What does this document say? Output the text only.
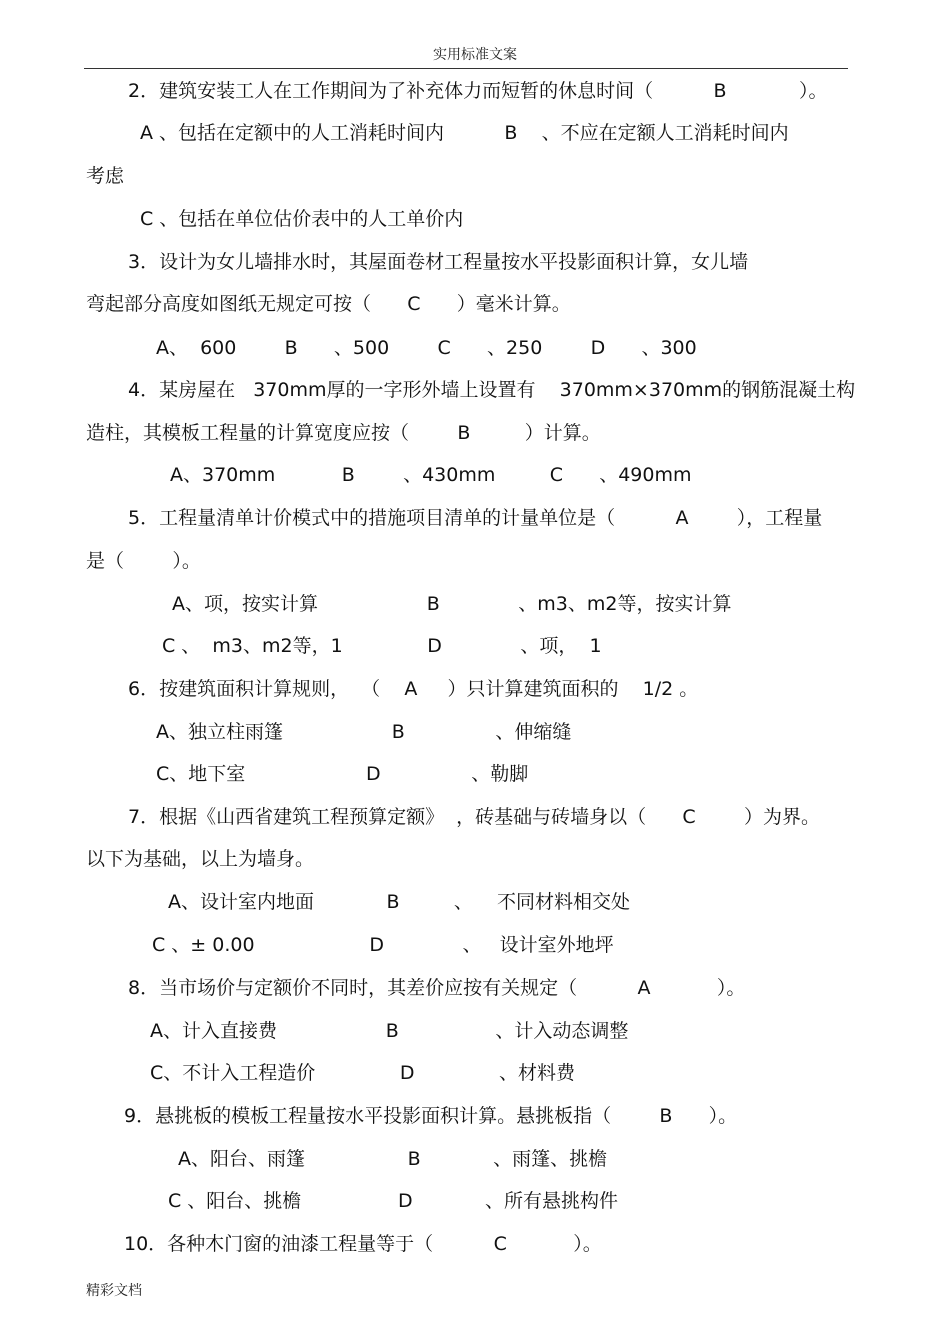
实用标准文案
2．建筑安装工人在工作期间为了补充体力而短暂的休息时间（          B            ）。
A 、包括在定额中的人工消耗时间内          B    、不应在定额人工消耗时间内
考虑
C 、包括在单位估价表中的人工单价内
3．设计为女儿墙排水时，其屋面卷材工程量按水平投影面积计算，女儿墙
弯起部分高度如图纸无规定可按（      C      ）毫米计算。
A、  600        B      、500        C      、250        D      、300
4．某房屋在   370mm厚的一字形外墙上设置有    370mm×370mm的钢筋混凝土构
造柱，其模板工程量的计算宽度应按（        B         ）计算。
A、370mm           B        、430mm         C      、490mm
5．工程量清单计价模式中的措施项目清单的计量单位是（          A        ），工程量
是（        ）。
A、项，按实计算                  B             、m3、m2等，按实计算
C 、  m3、m2等，1              D             、项，  1
6．按建筑面积计算规则，  （    A     ）只计算建筑面积的    1/2 。
A、独立柱雨篷                  B               、伸缩缝
C、地下室                    D               、勒脚
7．根据《山西省建筑工程预算定额》  ，砖基础与砖墙身以（      C        ）为界。
以下为基础，以上为墙身。
A、设计室内地面            B         、    不同材料相交处
C 、± 0.00                   D             、   设计室外地坪
8．当市场价与定额价不同时，其差价应按有关规定（          A           ）。
A、计入直接费                  B                、计入动态调整
C、不计入工程造价              D              、材料费
9．悬挑板的模板工程量按水平投影面积计算。悬挑板指（        B      ）。
A、阳台、雨篷                 B            、雨篷、挑檐
C 、阳台、挑檐                D            、所有悬挑构件
10．各种木门窗的油漆工程量等于（          C           ）。
精彩文档
